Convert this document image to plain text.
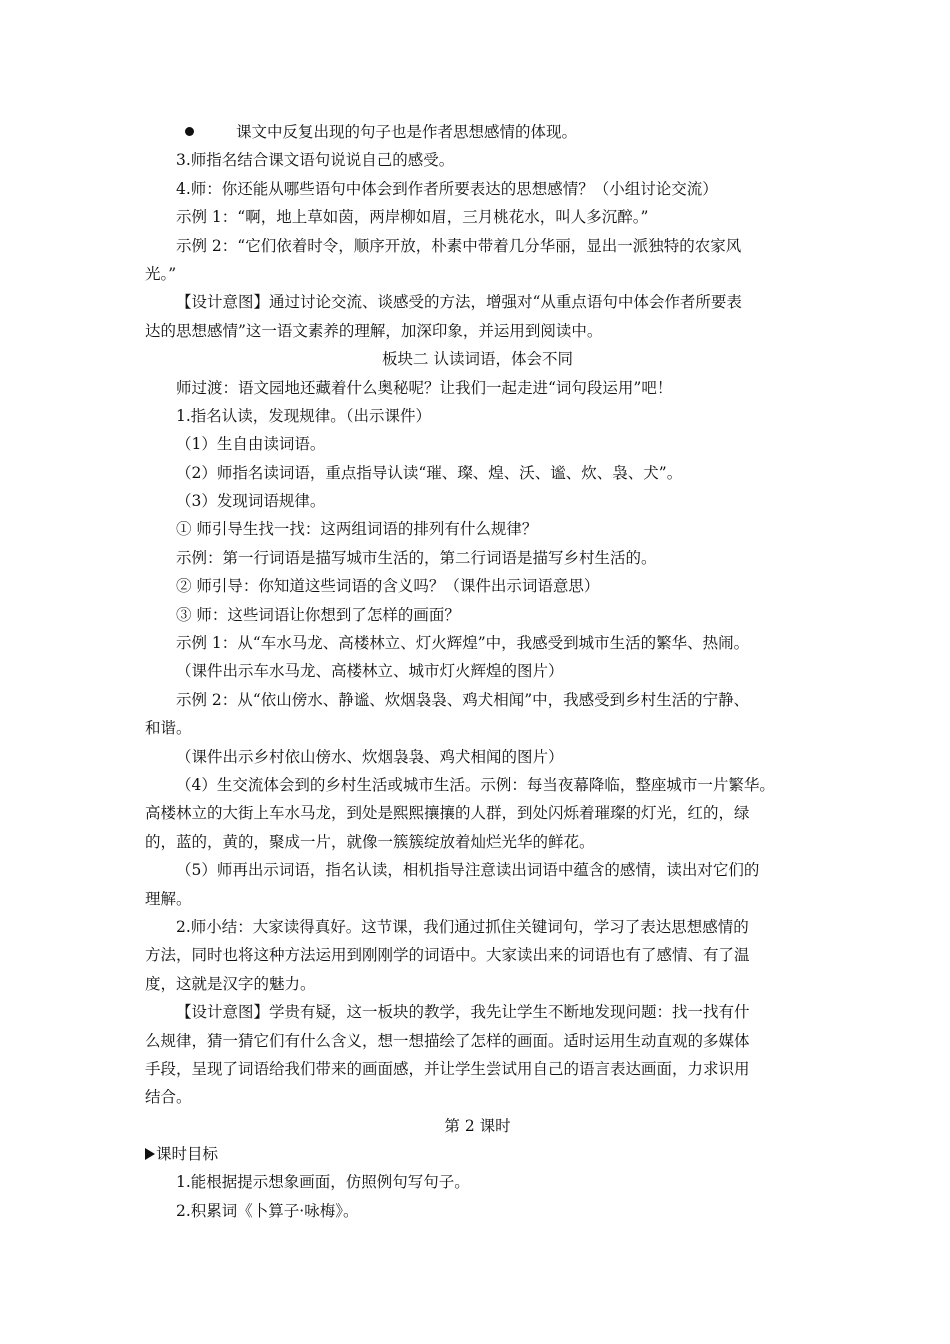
课文中反复出现的句子也是作者思想感情的体现。
3.师指名结合课文语句说说自己的感受。
4.师：你还能从哪些语句中体会到作者所要表达的思想感情？（小组讨论交流）
示例 1：“啊，地上草如茵，两岸柳如眉，三月桃花水，叫人多沉醉。”
示例 2：“它们依着时令，顺序开放，朴素中带着几分华丽，显出一派独特的农家风
光。”
【设计意图】通过讨论交流、谈感受的方法，增强对“从重点语句中体会作者所要表
达的思想感情”这一语文素养的理解，加深印象，并运用到阅读中。
板块二 认读词语，体会不同
师过渡：语文园地还藏着什么奥秘呢？让我们一起走进“词句段运用”吧！
1.指名认读，发现规律。（出示课件）
（1）生自由读词语。
（2）师指名读词语，重点指导认读“璀、璨、煌、沃、谧、炊、袅、犬”。
（3）发现词语规律。
① 师引导生找一找：这两组词语的排列有什么规律？
示例：第一行词语是描写城市生活的，第二行词语是描写乡村生活的。
② 师引导：你知道这些词语的含义吗？（课件出示词语意思）
③ 师：这些词语让你想到了怎样的画面？
示例 1：从“车水马龙、高楼林立、灯火辉煌”中，我感受到城市生活的繁华、热闹。
（课件出示车水马龙、高楼林立、城市灯火辉煌的图片）
示例 2：从“依山傍水、静谧、炊烟袅袅、鸡犬相闻”中，我感受到乡村生活的宁静、
和谐。
（课件出示乡村依山傍水、炊烟袅袅、鸡犬相闻的图片）
（4）生交流体会到的乡村生活或城市生活。示例：每当夜幕降临，整座城市一片繁华。
高楼林立的大街上车水马龙，到处是熙熙攘攘的人群，到处闪烁着璀璨的灯光，红的，绿
的，蓝的，黄的，聚成一片，就像一簇簇绽放着灿烂光华的鲜花。
（5）师再出示词语，指名认读，相机指导注意读出词语中蕴含的感情，读出对它们的
理解。
2.师小结：大家读得真好。这节课，我们通过抓住关键词句，学习了表达思想感情的
方法，同时也将这种方法运用到刚刚学的词语中。大家读出来的词语也有了感情、有了温
度，这就是汉字的魅力。
【设计意图】学贵有疑，这一板块的教学，我先让学生不断地发现问题：找一找有什
么规律，猜一猜它们有什么含义，想一想描绘了怎样的画面。适时运用生动直观的多媒体
手段，呈现了词语给我们带来的画面感，并让学生尝试用自己的语言表达画面，力求识用
结合。
第 2 课时
课时目标
1.能根据提示想象画面，仿照例句写句子。
2.积累词《卜算子·咏梅》。
